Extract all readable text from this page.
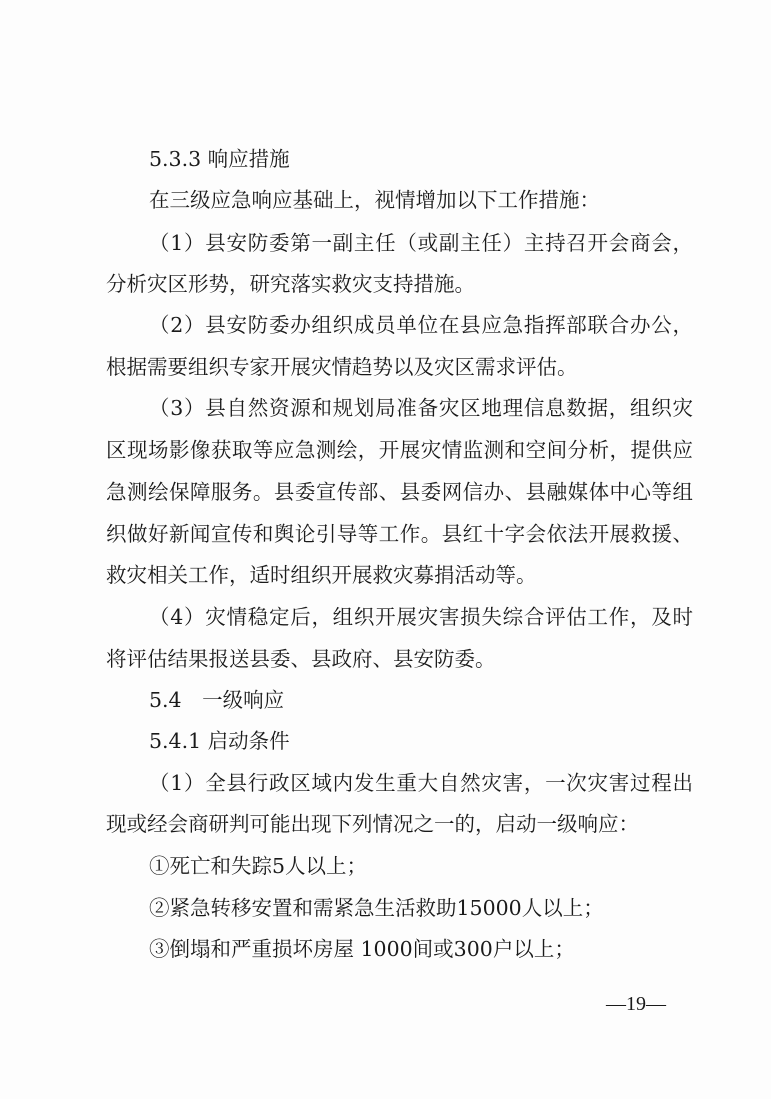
5.3.3 响应措施
在三级应急响应基础上，视情增加以下工作措施：
（1）县安防委第一副主任（或副主任）主持召开会商会，
分析灾区形势，研究落实救灾支持措施。
（2）县安防委办组织成员单位在县应急指挥部联合办公，
根据需要组织专家开展灾情趋势以及灾区需求评估。
（3）县自然资源和规划局准备灾区地理信息数据，组织灾
区现场影像获取等应急测绘，开展灾情监测和空间分析，提供应
急测绘保障服务。县委宣传部、县委网信办、县融媒体中心等组
织做好新闻宣传和舆论引导等工作。县红十字会依法开展救援、
救灾相关工作，适时组织开展救灾募捐活动等。
（4）灾情稳定后，组织开展灾害损失综合评估工作，及时
将评估结果报送县委、县政府、县安防委。
5.4　一级响应
5.4.1 启动条件
（1）全县行政区域内发生重大自然灾害，一次灾害过程出
现或经会商研判可能出现下列情况之一的，启动一级响应：
①死亡和失踪5人以上；
②紧急转移安置和需紧急生活救助15000人以上；
③倒塌和严重损坏房屋 1000间或300户以上；
—19—
